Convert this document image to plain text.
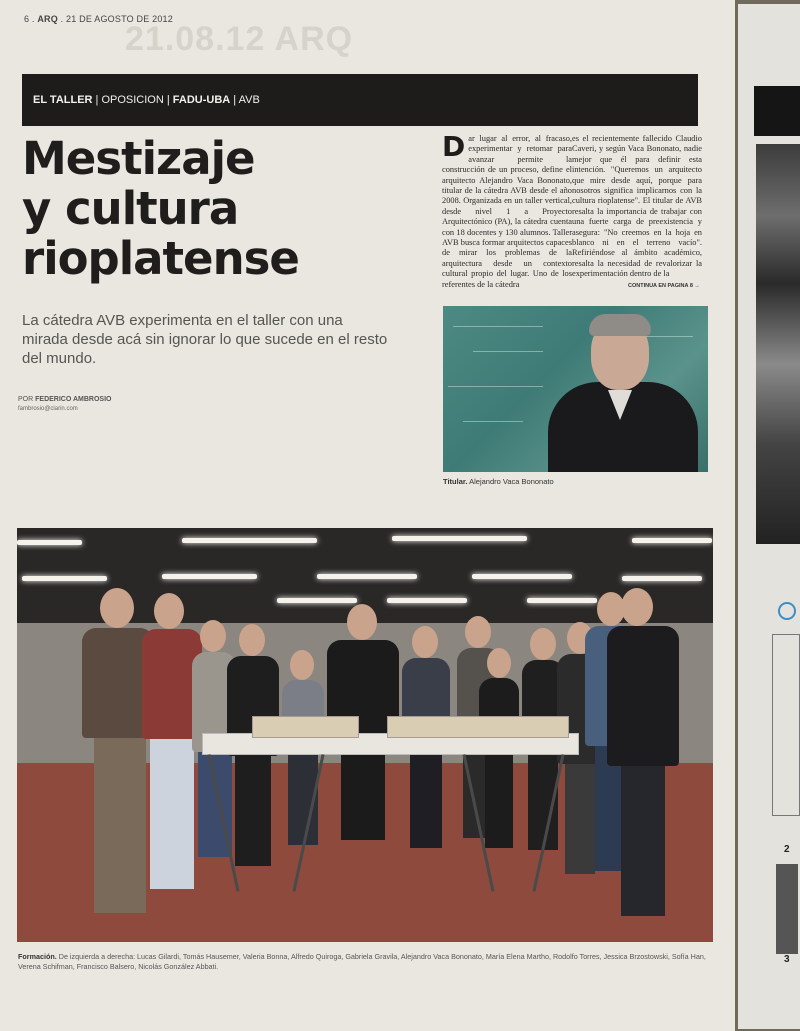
21.08.12 ARQ
6 . ARQ . 21 DE AGOSTO DE 2012
EL TALLER | OPOSICION | FADU-UBA | AVB
Mestizaje
y cultura
rioplatense
La cátedra AVB experimenta en el taller con una mirada desde acá sin ignorar lo que sucede en el resto del mundo.
POR FEDERICO AMBROSIO
fambrosio@clarin.com
Dar lugar al error, al fracaso, experimentar y retomar para avanzar permite la construcción de un proceso, define el arquitecto Alejandro Vaca Bononato, titular de la cátedra AVB desde el año 2008. Organizada en un taller vertical, desde nivel 1 a Proyecto Arquitectónico (PA), la cátedra cuenta con 18 docentes y 130 alumnos. Taller AVB busca formar arquitectos capaces de mirar los problemas de la arquitectura desde un contexto cultural propio del lugar. Uno de los referentes de la cátedra
es el recientemente fallecido Claudio Caveri, y según Vaca Bononato, nadie mejor que él para definir esta intención. "Queremos un arquitecto que mire desde aquí, porque para nosotros significa implicarnos con la cultura rioplatense". El titular de AVB resalta la importancia de trabajar con una fuerte carga de preexistencia y asegura: "No creemos en la hoja en blanco ni en el terreno vacío". Refiriéndose al ámbito académico, resalta la necesidad de revalorizar la experimentación dentro de la
CONTINUA EN PAGINA 8 →
Titular. Alejandro Vaca Bononato
Formación. De izquierda a derecha: Lucas Gilardi, Tomás Hausemer, Valeria Bonna, Alfredo Quiroga, Gabriela Gravila, Alejandro Vaca Bononato, María Elena Martho, Rodolfo Torres, Jessica Brzostowski, Sofía Han, Verena Schifman, Francisco Balsero, Nicolás González Abbati.
2
3
